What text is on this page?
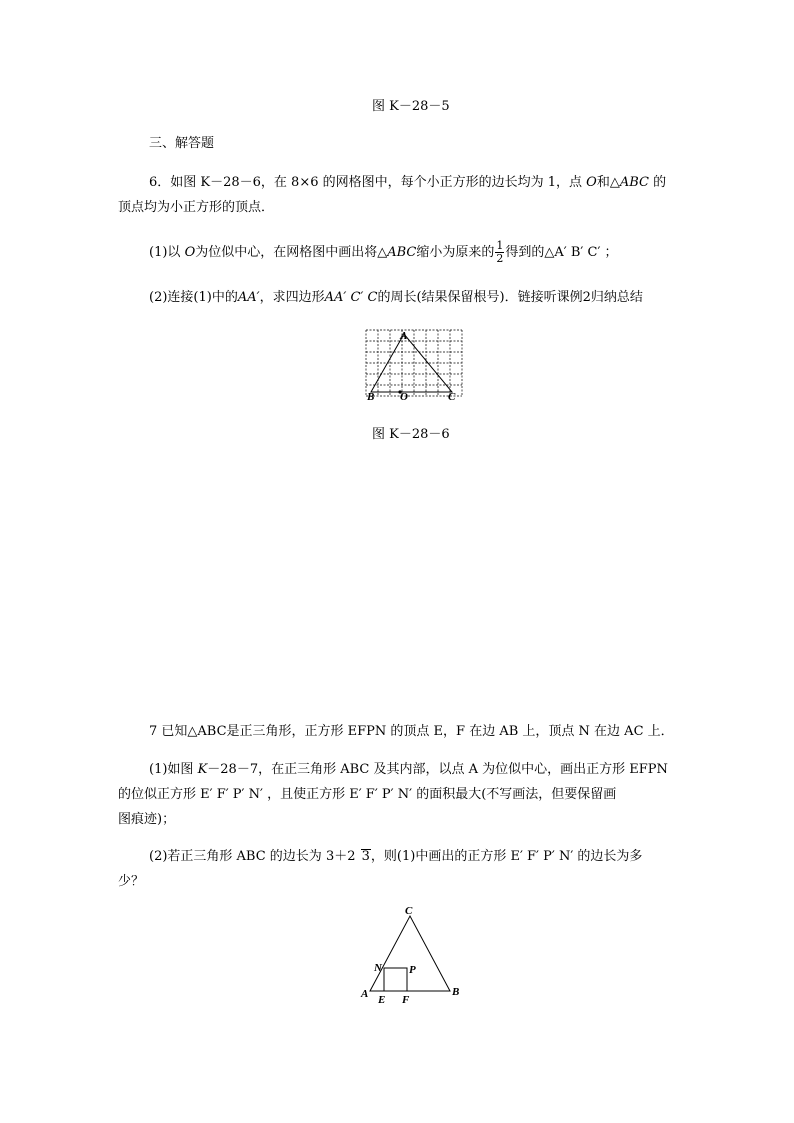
图 K－28－5
三、解答题
6．如图 K－28－6，在 8×6 的网格图中，每个小正方形的边长均为 1，点 O和△ABC 的
顶点均为小正方形的顶点．
(1)以 O为位似中心，在网格图中画出将△ABC缩小为原来的 $\frac{1}{2}$ 得到的△A′ B′ C′ ；
(2)连接(1)中的AA′，求四边形AA′ C′ C的周长(结果保留根号)．链接听课例2归纳总结
A
B O	C
图 K－28－6
7 已知△ABC是正三角形，正方形 EFPN 的顶点 E，F 在边 AB 上，顶点 N 在边 AC 上．
(1)如图 K－28－7，在正三角形 ABC 及其内部，以点 A 为位似中心，画出正方形 EFPN
的位似正方形 E′ F′ P′ N′ ，且使正方形 E′ F′ P′ N′ 的面积最大(不写画法，但要保留画
图痕迹)；
(2)若正三角形 ABC 的边长为 3＋2 3，则(1)中画出的正方形 E′ F′ P′ N′ 的边长为多
少？
C
N P
A	B
E F
